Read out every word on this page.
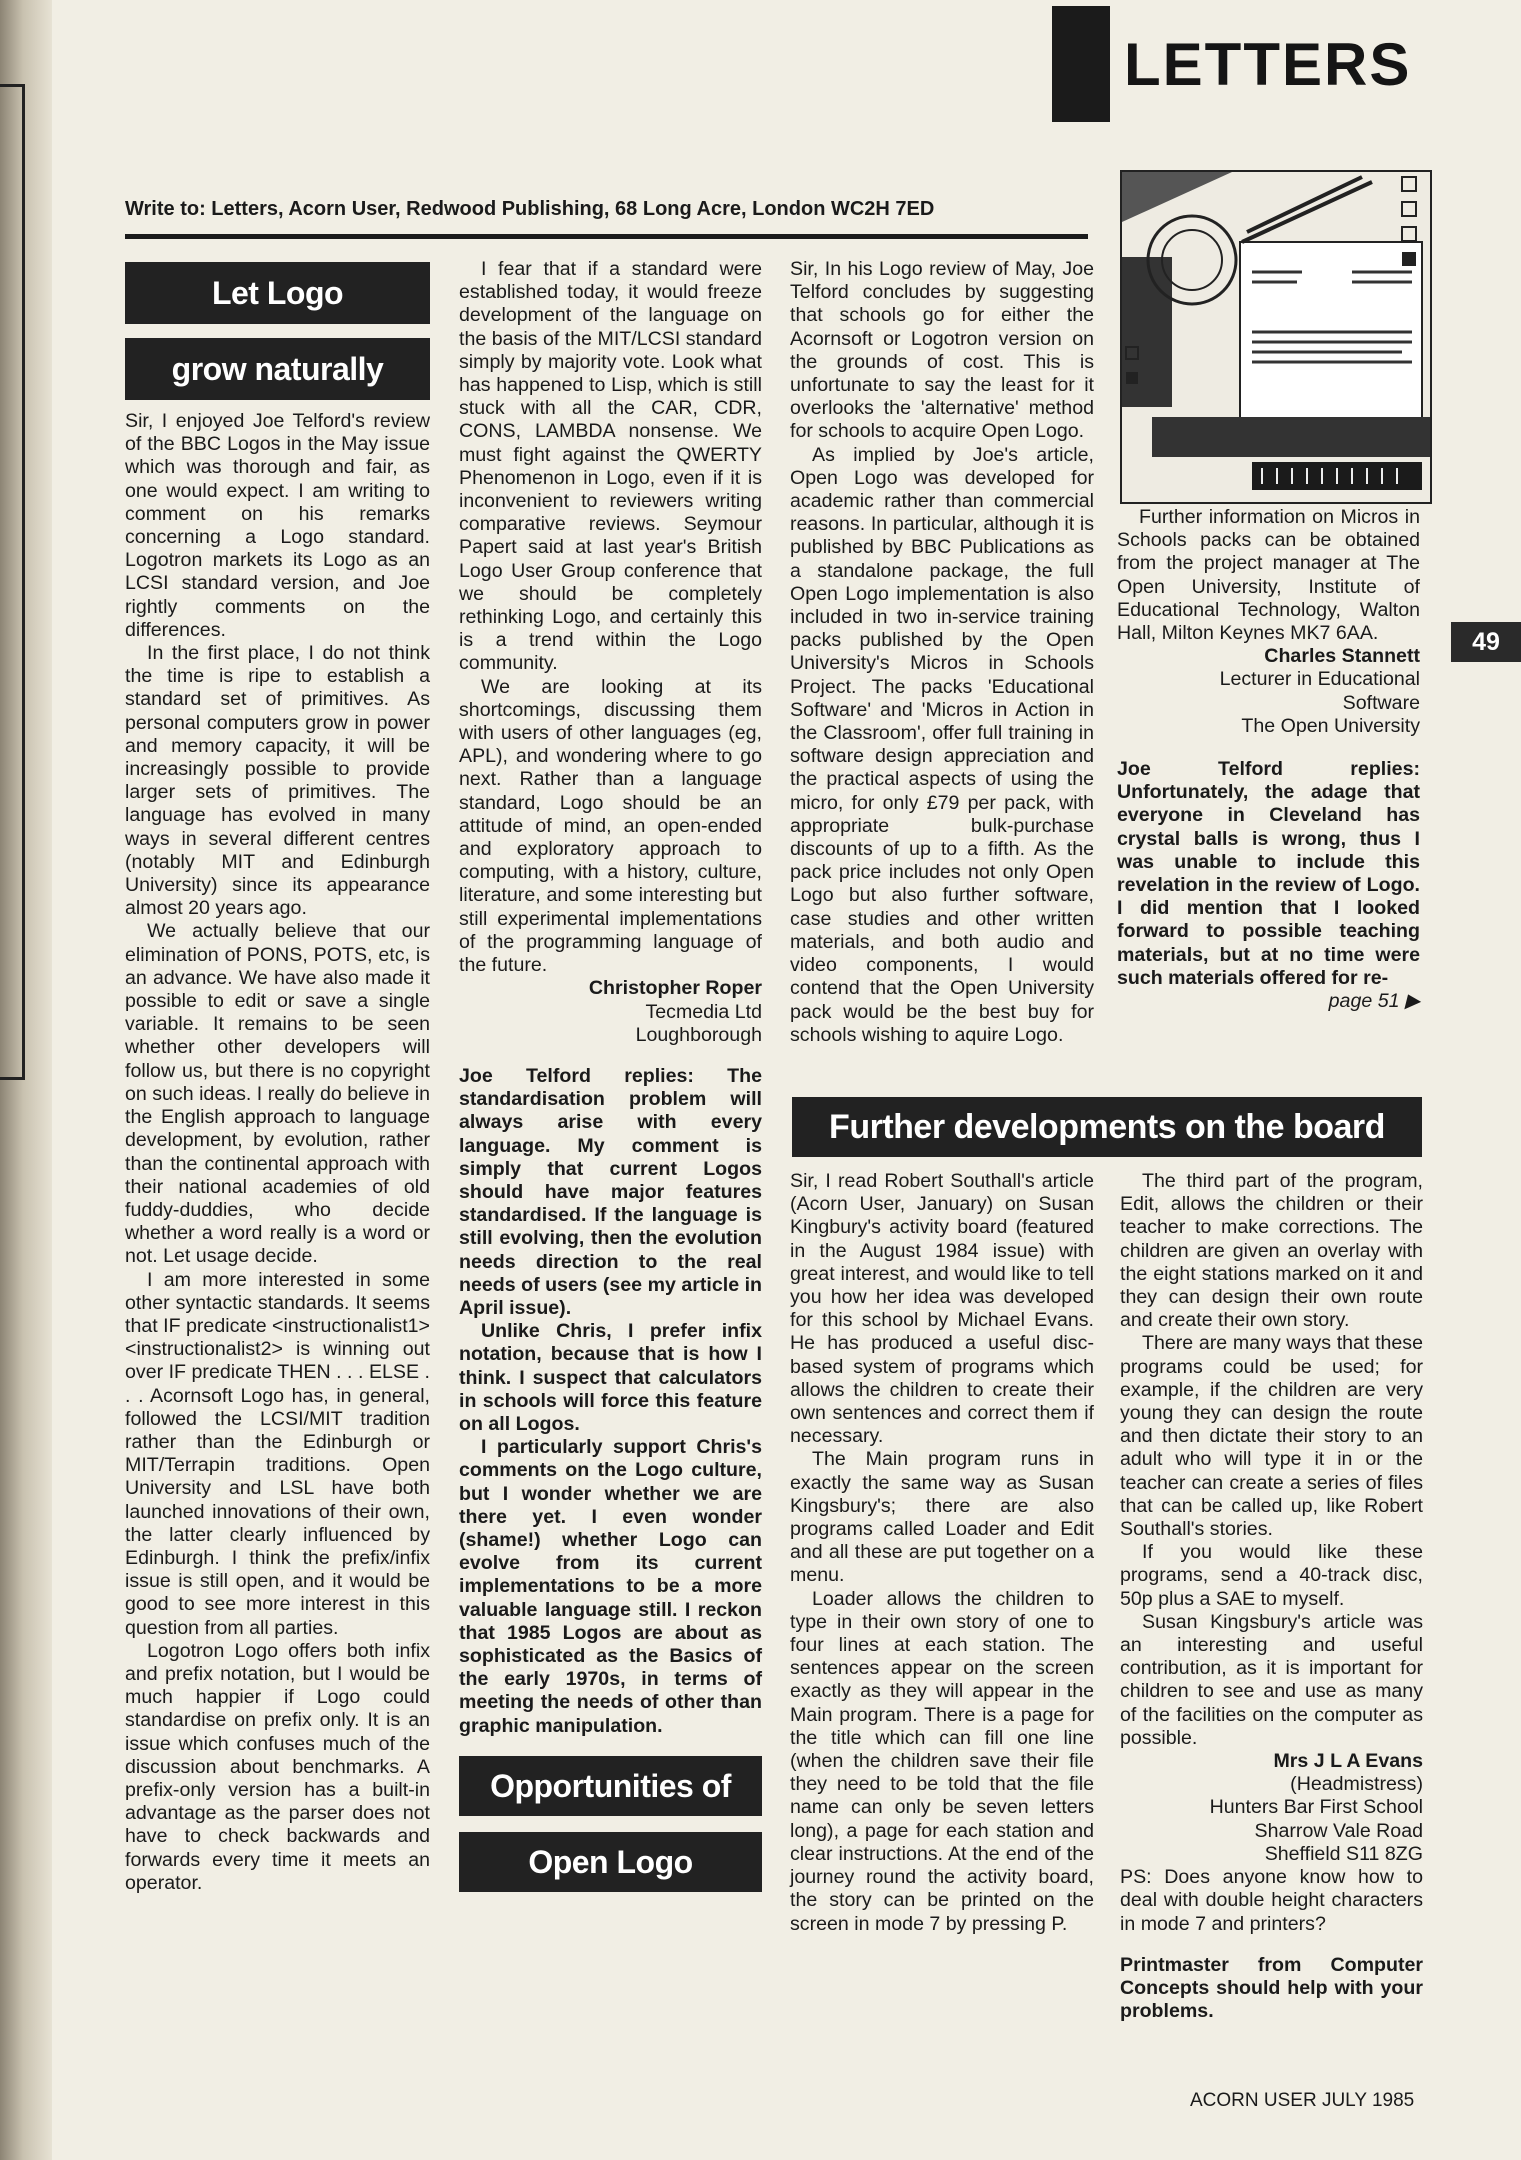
LETTERS
Write to: Letters, Acorn User, Redwood Publishing, 68 Long Acre, London WC2H 7ED
Let Logo
grow naturally

Sir, I enjoyed Joe Telford's review of the BBC Logos in the May issue which was thorough and fair, as one would expect. I am writing to comment on his remarks concerning a Logo standard. Logotron markets its Logo as an LCSI standard version, and Joe rightly comments on the differences.

In the first place, I do not think the time is ripe to establish a standard set of primitives. As personal computers grow in power and memory capacity, it will be increasingly possible to provide larger sets of primitives. The language has evolved in many ways in several different centres (notably MIT and Edinburgh University) since its appearance almost 20 years ago.

We actually believe that our elimination of PONS, POTS, etc, is an advance. We have also made it possible to edit or save a single variable. It remains to be seen whether other developers will follow us, but there is no copyright on such ideas. I really do believe in the English approach to language development, by evolution, rather than the continental approach with their national academies of old fuddy-duddies, who decide whether a word really is a word or not. Let usage decide.

I am more interested in some other syntactic standards. It seems that IF predicate <instructionalist1> <instructionalist2> is winning out over IF predicate THEN . . . ELSE . . . Acornsoft Logo has, in general, followed the LCSI/MIT tradition rather than the Edinburgh or MIT/Terrapin traditions. Open University and LSL have both launched innovations of their own, the latter clearly influenced by Edinburgh. I think the prefix/infix issue is still open, and it would be good to see more interest in this question from all parties.

Logotron Logo offers both infix and prefix notation, but I would be much happier if Logo could standardise on prefix only. It is an issue which confuses much of the discussion about benchmarks. A prefix-only version has a built-in advantage as the parser does not have to check backwards and forwards every time it meets an operator.

I fear that if a standard were established today, it would freeze development of the language on the basis of the MIT/LCSI standard simply by majority vote. Look what has happened to Lisp, which is still stuck with all the CAR, CDR, CONS, LAMBDA nonsense. We must fight against the QWERTY Phenomenon in Logo, even if it is inconvenient to reviewers writing comparative reviews. Seymour Papert said at last year's British Logo User Group conference that we should be completely rethinking Logo, and certainly this is a trend within the Logo community.

We are looking at its shortcomings, discussing them with users of other languages (eg, APL), and wondering where to go next. Rather than a language standard, Logo should be an attitude of mind, an open-ended and exploratory approach to computing, with a history, culture, literature, and some interesting but still experimental implementations of the programming language of the future.

Christopher Roper

Tecmedia Ltd

Loughborough

Joe Telford replies: The standardisation problem will always arise with every language. My comment is simply that current Logos should have major features standardised. If the language is still evolving, then the evolution needs direction to the real needs of users (see my article in April issue).

Unlike Chris, I prefer infix notation, because that is how I think. I suspect that calculators in schools will force this feature on all Logos.

I particularly support Chris's comments on the Logo culture, but I wonder whether we are there yet. I even wonder (shame!) whether Logo can evolve from its current implementations to be a more valuable language still. I reckon that 1985 Logos are about as sophisticated as the Basics of the early 1970s, in terms of meeting the needs of other than graphic manipulation.

Opportunities of
Open Logo

Sir, In his Logo review of May, Joe Telford concludes by suggesting that schools go for either the Acornsoft or Logotron version on the grounds of cost. This is unfortunate to say the least for it overlooks the 'alternative' method for schools to acquire Open Logo.

As implied by Joe's article, Open Logo was developed for academic rather than commercial reasons. In particular, although it is published by BBC Publications as a standalone package, the full Open Logo implementation is also included in two in-service training packs published by the Open University's Micros in Schools Project. The packs 'Educational Software' and 'Micros in Action in the Classroom', offer full training in software design appreciation and the practical aspects of using the micro, for only £79 per pack, with appropriate bulk-purchase discounts of up to a fifth. As the pack price includes not only Open Logo but also further software, case studies and other written materials, and both audio and video components, I would contend that the Open University pack would be the best buy for schools wishing to aquire Logo.

Further information on Micros in Schools packs can be obtained from the project manager at The Open University, Institute of Educational Technology, Walton Hall, Milton Keynes MK7 6AA.

Charles Stannett

Lecturer in Educational Software

The Open University

Joe Telford replies: Unfortunately, the adage that everyone in Cleveland has crystal balls is wrong, thus I was unable to include this revelation in the review of Logo. I did mention that I looked forward to possible teaching materials, but at no time were such materials offered for re-

page 51 ▶

49
Further developments on the board

Sir, I read Robert Southall's article (Acorn User, January) on Susan Kingbury's activity board (featured in the August 1984 issue) with great interest, and would like to tell you how her idea was developed for this school by Michael Evans. He has produced a useful disc-based system of programs which allows the children to create their own sentences and correct them if necessary.

The Main program runs in exactly the same way as Susan Kingsbury's; there are also programs called Loader and Edit and all these are put together on a menu.

Loader allows the children to type in their own story of one to four lines at each station. The sentences appear on the screen exactly as they will appear in the Main program. There is a page for the title which can fill one line (when the children save their file they need to be told that the file name can only be seven letters long), a page for each station and clear instructions. At the end of the journey round the activity board, the story can be printed on the screen in mode 7 by pressing P.

The third part of the program, Edit, allows the children or their teacher to make corrections. The children are given an overlay with the eight stations marked on it and they can design their own route and create their own story.

There are many ways that these programs could be used; for example, if the children are very young they can design the route and then dictate their story to an adult who will type it in or the teacher can create a series of files that can be called up, like Robert Southall's stories.

If you would like these programs, send a 40-track disc, 50p plus a SAE to myself.

Susan Kingsbury's article was an interesting and useful contribution, as it is important for children to see and use as many of the facilities on the computer as possible.

Mrs J L A Evans

(Headmistress)

Hunters Bar First School

Sharrow Vale Road

Sheffield S11 8ZG

PS: Does anyone know how to deal with double height characters in mode 7 and printers?

Printmaster from Computer Concepts should help with your problems.

ACORN USER JULY 1985
